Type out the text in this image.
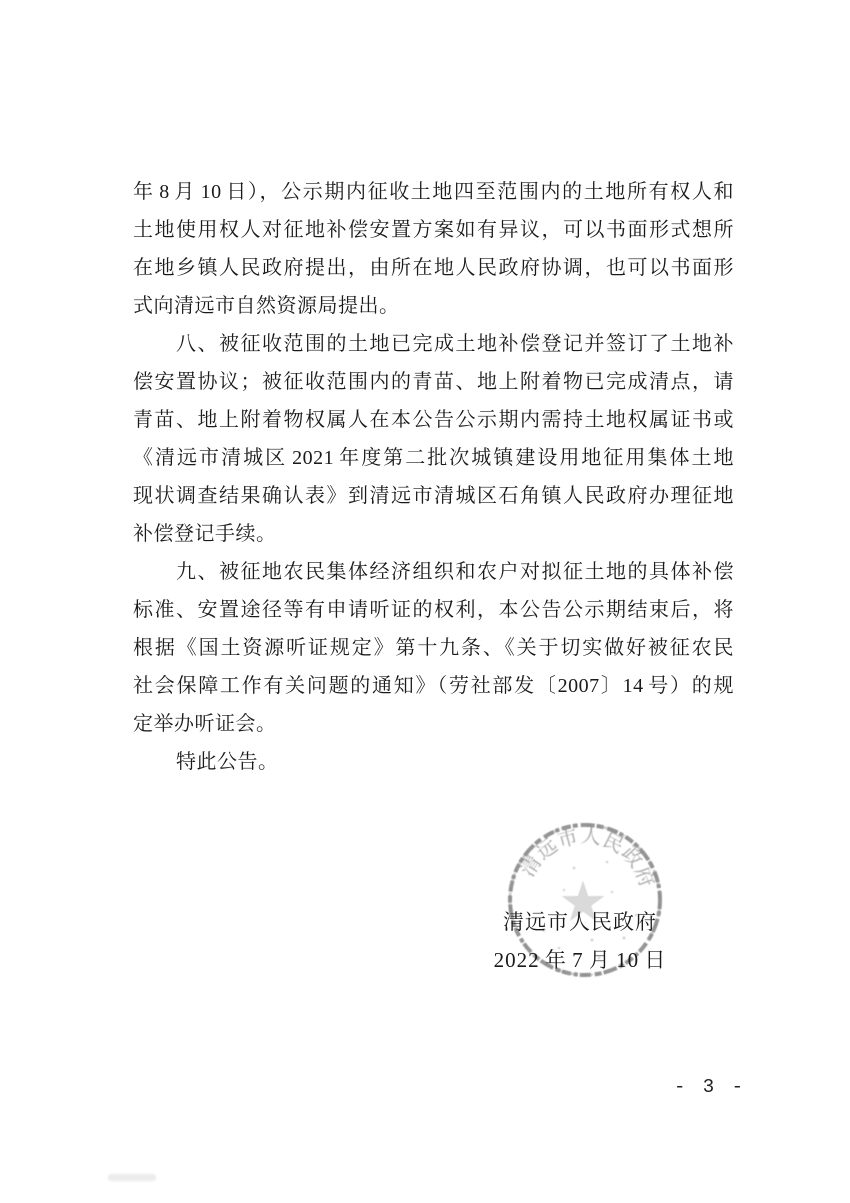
清远市人民政府
年 8 月 10 日），公示期内征收土地四至范围内的土地所有权人和
土地使用权人对征地补偿安置方案如有异议，可以书面形式想所
在地乡镇人民政府提出，由所在地人民政府协调，也可以书面形
式向清远市自然资源局提出。
八、被征收范围的土地已完成土地补偿登记并签订了土地补
偿安置协议；被征收范围内的青苗、地上附着物已完成清点，请
青苗、地上附着物权属人在本公告公示期内需持土地权属证书或
《清远市清城区 2021 年度第二批次城镇建设用地征用集体土地
现状调查结果确认表》到清远市清城区石角镇人民政府办理征地
补偿登记手续。
九、被征地农民集体经济组织和农户对拟征土地的具体补偿
标准、安置途径等有申请听证的权利，本公告公示期结束后，将
根据《国土资源听证规定》第十九条、《关于切实做好被征农民
社会保障工作有关问题的通知》（劳社部发〔2007〕14 号）的规
定举办听证会。
特此公告。
清远市人民政府
2022 年 7 月 10 日
- 3 -
